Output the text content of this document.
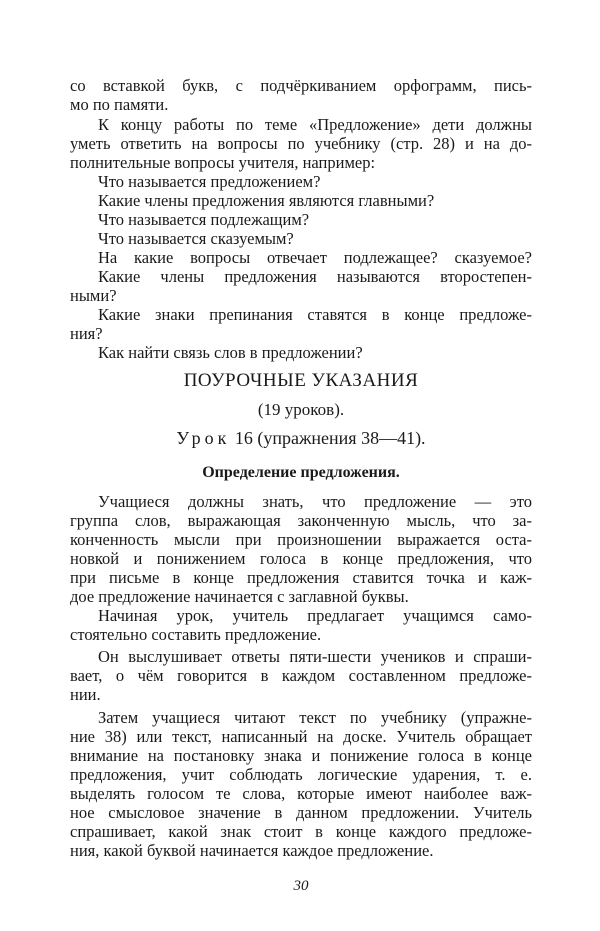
со вставкой букв, с подчёркиванием орфограмм, пись-
мо по памяти.
К концу работы по теме «Предложение» дети должны
уметь ответить на вопросы по учебнику (стр. 28) и на до-
полнительные вопросы учителя, например:
Что называется предложением?
Какие члены предложения являются главными?
Что называется подлежащим?
Что называется сказуемым?
На какие вопросы отвечает подлежащее? сказуемое?
Какие члены предложения называются второстепен-
ными?
Какие знаки препинания ставятся в конце предложе-
ния?
Как найти связь слов в предложении?
ПОУРОЧНЫЕ УКАЗАНИЯ
(19 уроков).
Урок 16 (упражнения 38—41).
Определение предложения.
Учащиеся должны знать, что предложение — это
группа слов, выражающая законченную мысль, что за-
конченность мысли при произношении выражается оста-
новкой и понижением голоса в конце предложения, что
при письме в конце предложения ставится точка и каж-
дое предложение начинается с заглавной буквы.
Начиная урок, учитель предлагает учащимся само-
стоятельно составить предложение.
Он выслушивает ответы пяти-шести учеников и спраши-
вает, о чём говорится в каждом составленном предложе-
нии.
Затем учащиеся читают текст по учебнику (упражне-
ние 38) или текст, написанный на доске. Учитель обращает
внимание на постановку знака и понижение голоса в конце
предложения, учит соблюдать логические ударения, т. е.
выделять голосом те слова, которые имеют наиболее важ-
ное смысловое значение в данном предложении. Учитель
спрашивает, какой знак стоит в конце каждого предложе-
ния, какой буквой начинается каждое предложение.
30
